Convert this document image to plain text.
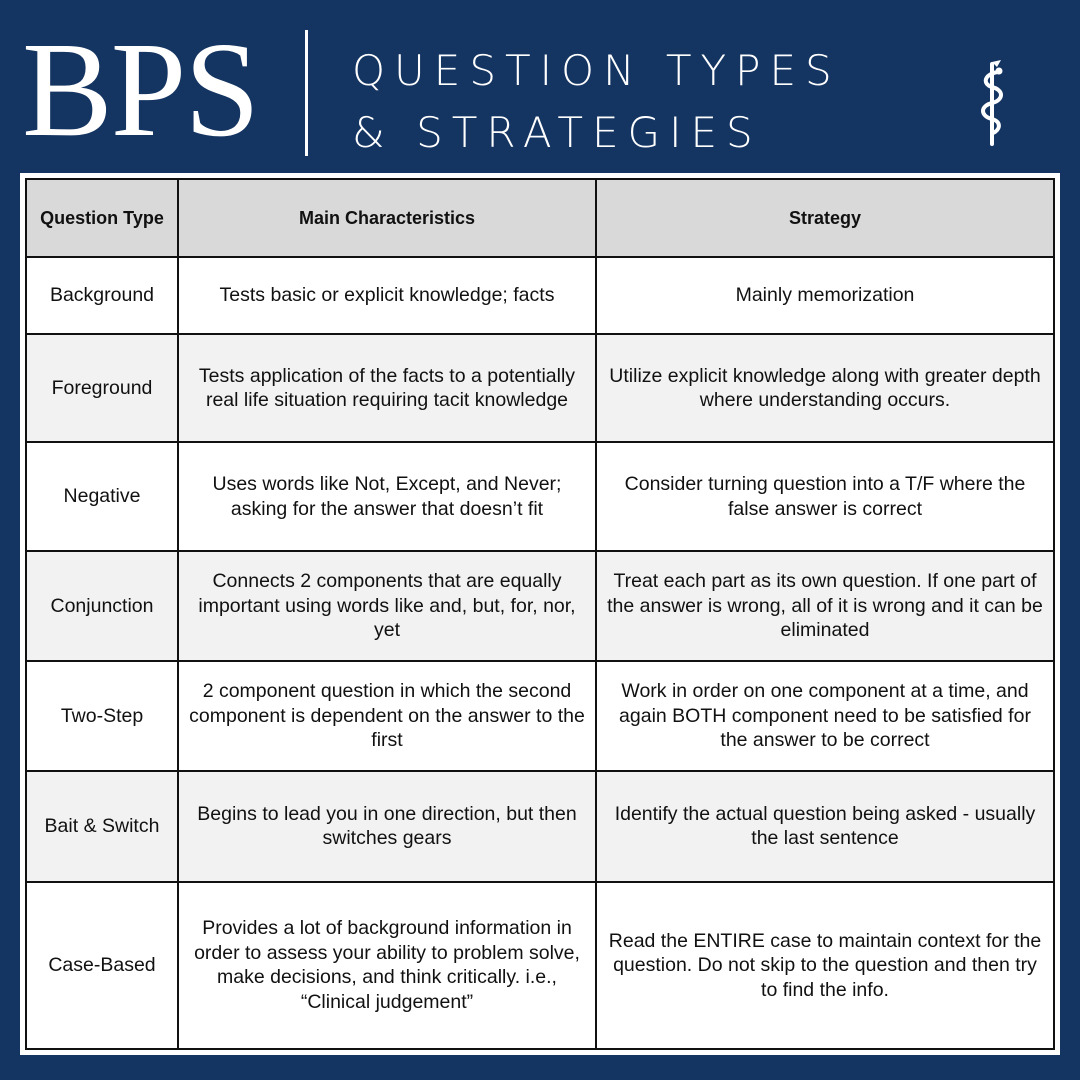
BPS QUESTION TYPES
& STRATEGIES
Question Type	Main Characteristics	Strategy
Background	Tests basic or explicit knowledge; facts	Mainly memorization
Foreground	Tests application of the facts to a potentially real life situation requiring tacit knowledge	Utilize explicit knowledge along with greater depth where understanding occurs.
Negative	Uses words like Not, Except, and Never; asking for the answer that doesn’t fit	Consider turning question into a T/F where the false answer is correct
Conjunction	Connects 2 components that are equally important using words like and, but, for, nor, yet	Treat each part as its own question. If one part of the answer is wrong, all of it is wrong and it can be eliminated
Two-Step	2 component question in which the second component is dependent on the answer to the first	Work in order on one component at a time, and again BOTH component need to be satisfied for the answer to be correct
Bait & Switch	Begins to lead you in one direction, but then switches gears	Identify the actual question being asked - usually the last sentence
Case-Based	Provides a lot of background information in order to assess your ability to problem solve, make decisions, and think critically. i.e., “Clinical judgement”	Read the ENTIRE case to maintain context for the question. Do not skip to the question and then try to find the info.
